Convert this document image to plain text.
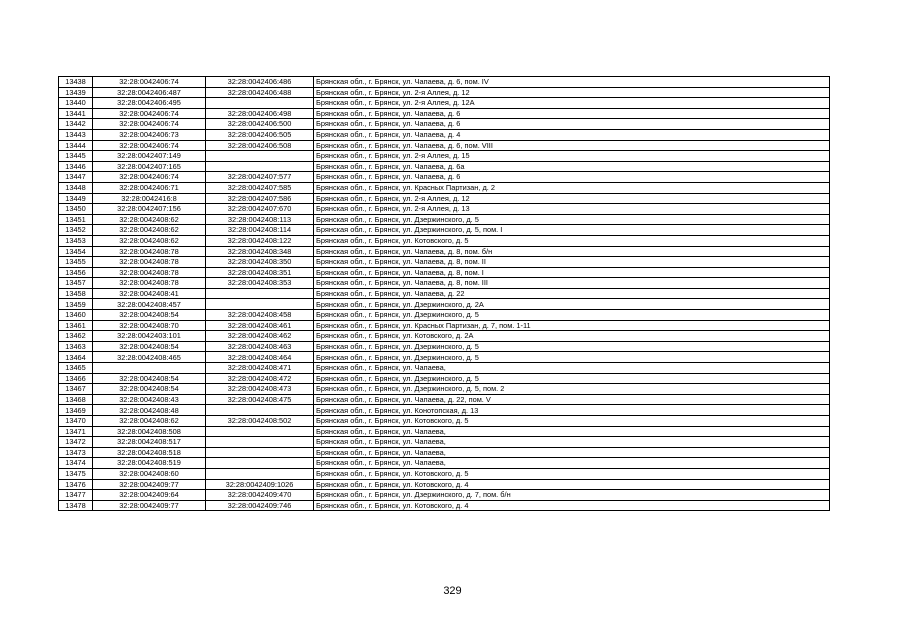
13438	32:28:0042406:74	32:28:0042406:486	Брянская обл., г. Брянск, ул. Чапаева, д. 6, пом. IV
13439	32:28:0042406:487	32:28:0042406:488	Брянская обл., г. Брянск, ул. 2-я Аллея, д. 12
13440	32:28:0042406:495		Брянская обл., г. Брянск, ул. 2-я Аллея, д. 12А
13441	32:28:0042406:74	32:28:0042406:498	Брянская обл., г. Брянск, ул. Чапаева, д. 6
13442	32:28:0042406:74	32:28:0042406:500	Брянская обл., г. Брянск, ул. Чапаева, д. 6
13443	32:28:0042406:73	32:28:0042406:505	Брянская обл., г. Брянск, ул. Чапаева, д. 4
13444	32:28:0042406:74	32:28:0042406:508	Брянская обл., г. Брянск, ул. Чапаева, д. 6, пом. VIII
13445	32:28:0042407:149		Брянская обл., г. Брянск, ул. 2-я Аллея, д. 15
13446	32:28:0042407:165		Брянская обл., г. Брянск, ул. Чапаева, д. 6а
13447	32:28:0042406:74	32:28:0042407:577	Брянская обл., г. Брянск, ул. Чапаева, д. 6
13448	32:28:0042406:71	32:28:0042407:585	Брянская обл., г. Брянск, ул. Красных Партизан, д. 2
13449	32:28:0042416:8	32:28:0042407:586	Брянская обл., г. Брянск, ул. 2-я Аллея, д. 12
13450	32:28:0042407:156	32:28:0042407:670	Брянская обл., г. Брянск, ул. 2-я Аллея, д. 13
13451	32:28:0042408:62	32:28:0042408:113	Брянская обл., г. Брянск, ул. Дзержинского, д. 5
13452	32:28:0042408:62	32:28:0042408:114	Брянская обл., г. Брянск, ул. Дзержинского, д. 5, пом. I
13453	32:28:0042408:62	32:28:0042408:122	Брянская обл., г. Брянск, ул. Котовского, д. 5
13454	32:28:0042408:78	32:28:0042408:348	Брянская обл., г. Брянск, ул. Чапаева, д. 8, пом. б/н
13455	32:28:0042408:78	32:28:0042408:350	Брянская обл., г. Брянск, ул. Чапаева, д. 8, пом. II
13456	32:28:0042408:78	32:28:0042408:351	Брянская обл., г. Брянск, ул. Чапаева, д. 8, пом. I
13457	32:28:0042408:78	32:28:0042408:353	Брянская обл., г. Брянск, ул. Чапаева, д. 8, пом. III
13458	32:28:0042408:41		Брянская обл., г. Брянск, ул. Чапаева, д. 22
13459	32:28:0042408:457		Брянская обл., г. Брянск, ул. Дзержинского, д. 2А
13460	32:28:0042408:54	32:28:0042408:458	Брянская обл., г. Брянск, ул. Дзержинского, д. 5
13461	32:28:0042408:70	32:28:0042408:461	Брянская обл., г. Брянск, ул. Красных Партизан, д. 7, пом. 1-11
13462	32:28:0042403:101	32:28:0042408:462	Брянская обл., г. Брянск, ул. Котовского, д. 2А
13463	32:28:0042408:54	32:28:0042408:463	Брянская обл., г. Брянск, ул. Дзержинского, д. 5
13464	32:28:0042408:465	32:28:0042408:464	Брянская обл., г. Брянск, ул. Дзержинского, д. 5
13465		32:28:0042408:471	Брянская обл., г. Брянск, ул. Чапаева,
13466	32:28:0042408:54	32:28:0042408:472	Брянская обл., г. Брянск, ул. Дзержинского, д. 5
13467	32:28:0042408:54	32:28:0042408:473	Брянская обл., г. Брянск, ул. Дзержинского, д. 5, пом. 2
13468	32:28:0042408:43	32:28:0042408:475	Брянская обл., г. Брянск, ул. Чапаева, д. 22, пом. V
13469	32:28:0042408:48		Брянская обл., г. Брянск, ул. Конотопская, д. 13
13470	32:28:0042408:62	32:28:0042408:502	Брянская обл., г. Брянск, ул. Котовского, д. 5
13471	32:28:0042408:508		Брянская обл., г. Брянск, ул. Чапаева,
13472	32:28:0042408:517		Брянская обл., г. Брянск, ул. Чапаева,
13473	32:28:0042408:518		Брянская обл., г. Брянск, ул. Чапаева,
13474	32:28:0042408:519		Брянская обл., г. Брянск, ул. Чапаева,
13475	32:28:0042408:60		Брянская обл., г. Брянск, ул. Котовского, д. 5
13476	32:28:0042409:77	32:28:0042409:1026	Брянская обл., г. Брянск, ул. Котовского, д. 4
13477	32:28:0042409:64	32:28:0042409:470	Брянская обл., г. Брянск, ул. Дзержинского, д. 7, пом. б/н
13478	32:28:0042409:77	32:28:0042409:746	Брянская обл., г. Брянск, ул. Котовского, д. 4
329
